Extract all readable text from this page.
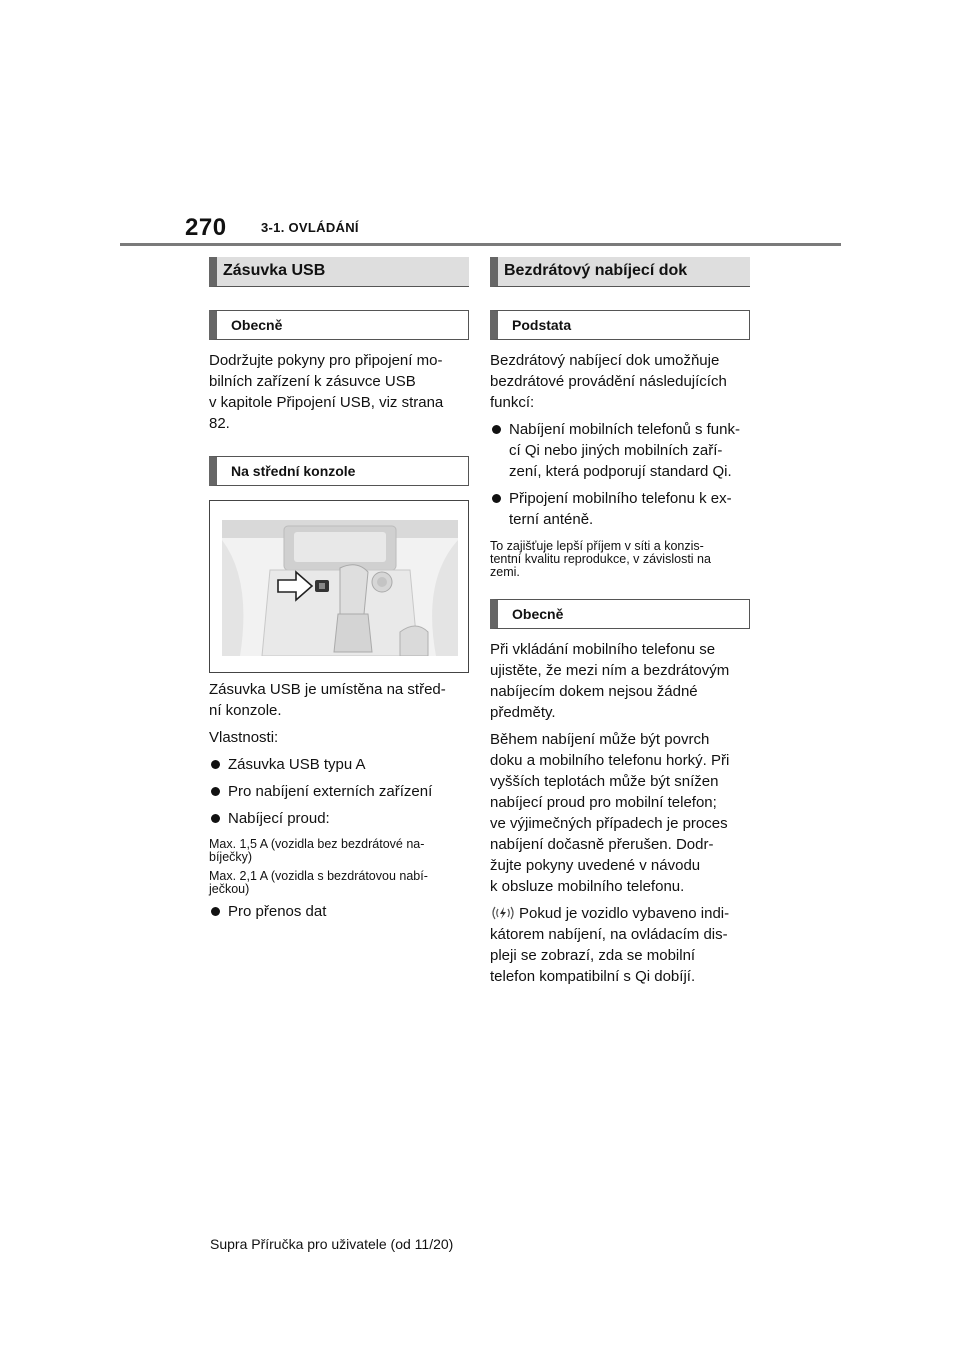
270	3-1. OVLÁDÁNÍ
Zásuvka USB
Obecně

Dodržujte pokyny pro připojení mo-

bilních zařízení k zásuvce USB

v kapitole Připojení USB, viz strana

82.

Na střední konzole

Zásuvka USB je umístěna na střed-

ní konzole.

Vlastnosti:

Zásuvka USB typu A
Pro nabíjení externích zařízení
Nabíjecí proud:

Max. 1,5 A (vozidla bez bezdrátové na-

bíječky)

Max. 2,1 A (vozidla s bezdrátovou nabí-

ječkou)

Pro přenos dat
Bezdrátový nabíjecí dok
Podstata

Bezdrátový nabíjecí dok umožňuje

bezdrátové provádění následujících

funkcí:

Nabíjení mobilních telefonů s funk-
cí Qi nebo jiných mobilních zaří-
zení, která podporují standard Qi.
Připojení mobilního telefonu k ex-
terní anténě.

To zajišťuje lepší příjem v síti a konzis-

tentní kvalitu reprodukce, v závislosti na

zemi.

Obecně

Při vkládání mobilního telefonu se

ujistěte, že mezi ním a bezdrátovým

nabíjecím dokem nejsou žádné

předměty.

Během nabíjení může být povrch

doku a mobilního telefonu horký. Při

vyšších teplotách může být snížen

nabíjecí proud pro mobilní telefon;

ve výjimečných případech je proces

nabíjení dočasně přerušen. Dodr-

žujte pokyny uvedené v návodu

k obsluze mobilního telefonu.

Pokud je vozidlo vybaveno indi-

kátorem nabíjení, na ovládacím dis-

pleji se zobrazí, zda se mobilní

telefon kompatibilní s Qi dobíjí.

Supra Příručka pro uživatele (od 11/20)
